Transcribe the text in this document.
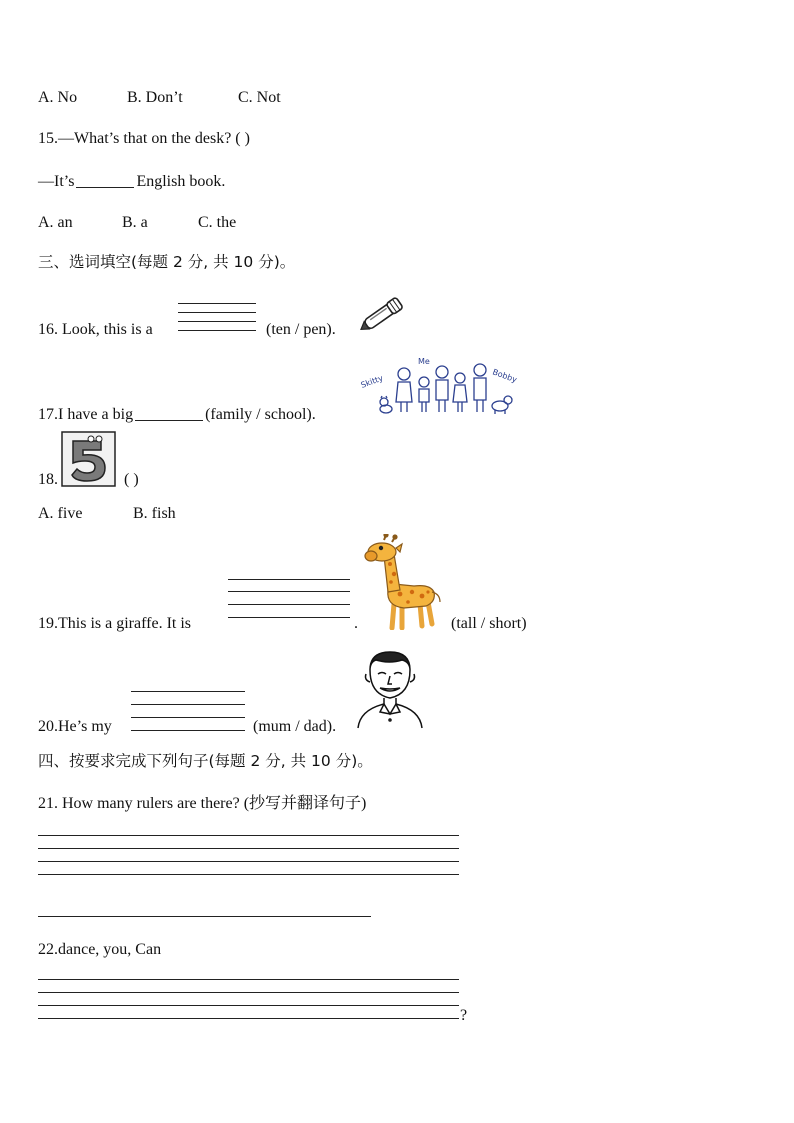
A. No	B. Don’t	C. Not
15.—What’s that on the desk? ( )
—It’s	English book.
A. an	B. a	C. the
三、选词填空(每题 2 分, 共 10 分)。
16. Look, this is a	(ten / pen).
17.I have a big	(family / school).
Skitty
Me
Bobby
18.	( )
A. five	B. fish
19.This is a giraffe. It is	.	(tall / short)
20.He’s my	(mum / dad).
四、按要求完成下列句子(每题 2 分, 共 10 分)。
21. How many rulers are there? (抄写并翻译句子)
22.dance, you, Can
?
